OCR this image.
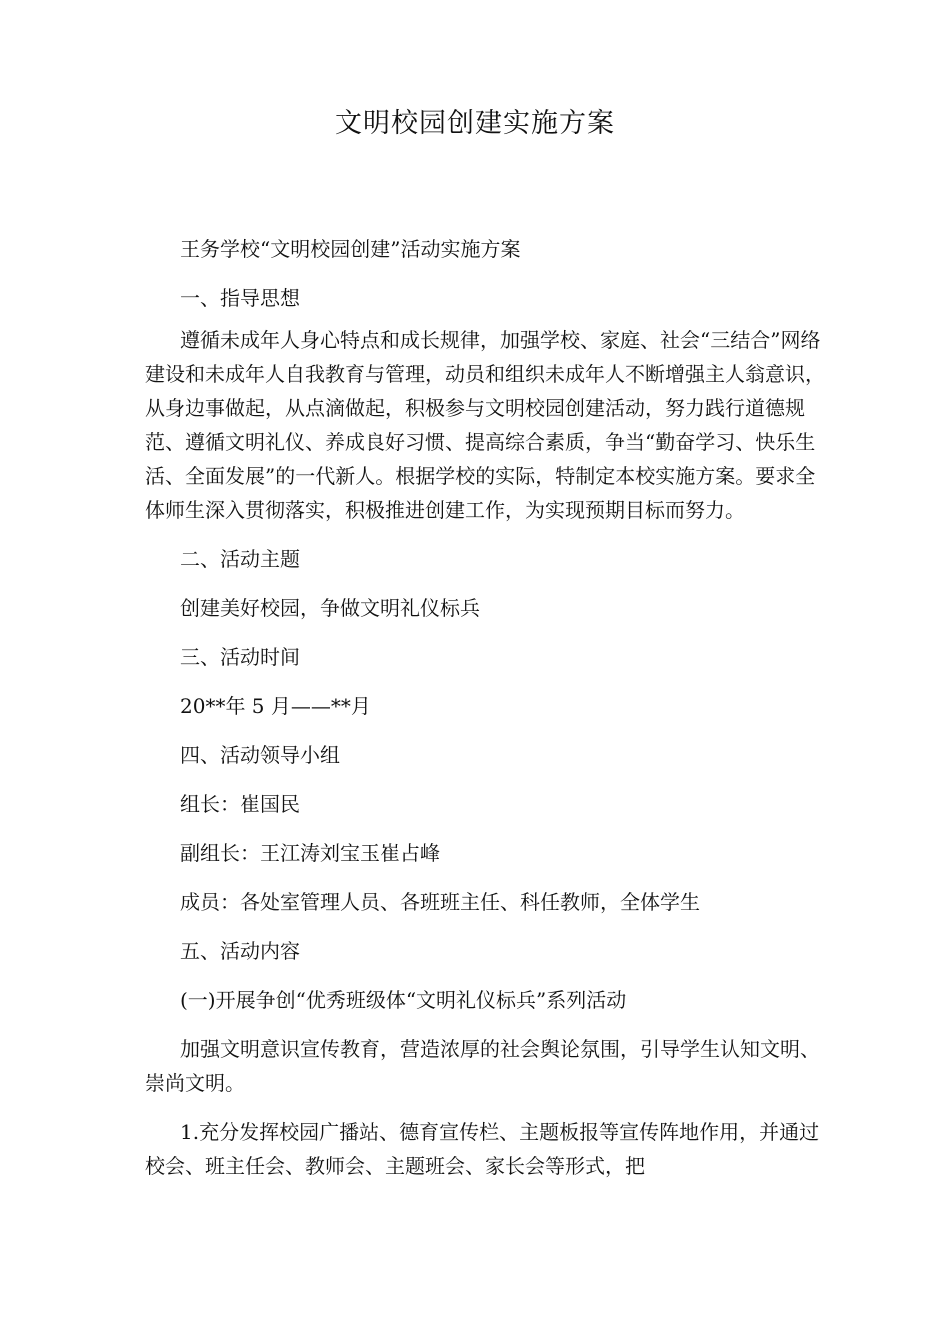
文明校园创建实施方案

王务学校“文明校园创建”活动实施方案

一、指导思想

遵循未成年人身心特点和成长规律，加强学校、家庭、社会“三结合”网络建设和未成年人自我教育与管理，动员和组织未成年人不断增强主人翁意识，从身边事做起，从点滴做起，积极参与文明校园创建活动，努力践行道德规范、遵循文明礼仪、养成良好习惯、提高综合素质，争当“勤奋学习、快乐生活、全面发展”的一代新人。根据学校的实际，特制定本校实施方案。要求全体师生深入贯彻落实，积极推进创建工作，为实现预期目标而努力。

二、活动主题

创建美好校园，争做文明礼仪标兵

三、活动时间

20**年 5 月——**月

四、活动领导小组

组长：崔国民

副组长：王江涛刘宝玉崔占峰

成员：各处室管理人员、各班班主任、科任教师，全体学生

五、活动内容

(一)开展争创“优秀班级体“文明礼仪标兵”系列活动

加强文明意识宣传教育，营造浓厚的社会舆论氛围，引导学生认知文明、崇尚文明。

1.充分发挥校园广播站、德育宣传栏、主题板报等宣传阵地作用，并通过校会、班主任会、教师会、主题班会、家长会等形式，把
